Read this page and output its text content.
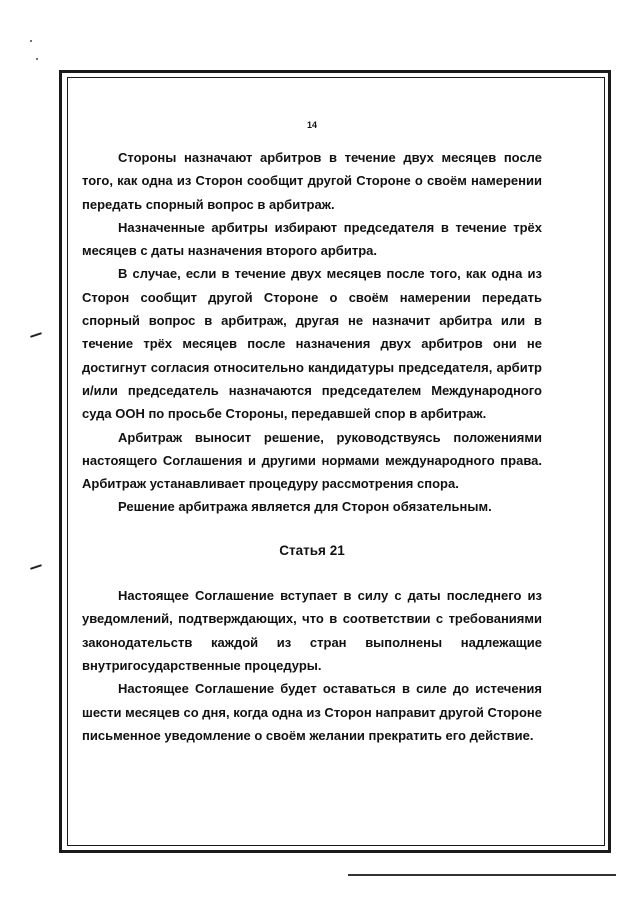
14

Стороны назначают арбитров в течение двух месяцев после того, как одна из Сторон сообщит другой Стороне о своём намерении передать спорный вопрос в арбитраж.

Назначенные арбитры избирают председателя в течение трёх месяцев с даты назначения второго арбитра.

В случае, если в течение двух месяцев после того, как одна из Сторон сообщит другой Стороне о своём намерении передать спорный вопрос в арбитраж, другая не назначит арбитра или в течение трёх месяцев после назначения двух арбитров они не достигнут согласия относительно кандидатуры председателя, арбитр и/или председатель назначаются председателем Международного суда ООН по просьбе Стороны, передавшей спор в арбитраж.

Арбитраж выносит решение, руководствуясь положениями настоящего Соглашения и другими нормами международного права. Арбитраж устанавливает процедуру рассмотрения спора.

Решение арбитража является для Сторон обязательным.

Статья 21

Настоящее Соглашение вступает в силу с даты последнего из уведомлений, подтверждающих, что в соответствии с требованиями законодательств каждой из стран выполнены надлежащие внутригосударственные процедуры.

Настоящее Соглашение будет оставаться в силе до истечения шести месяцев со дня, когда одна из Сторон направит другой Стороне письменное уведомление о своём желании прекратить его действие.
